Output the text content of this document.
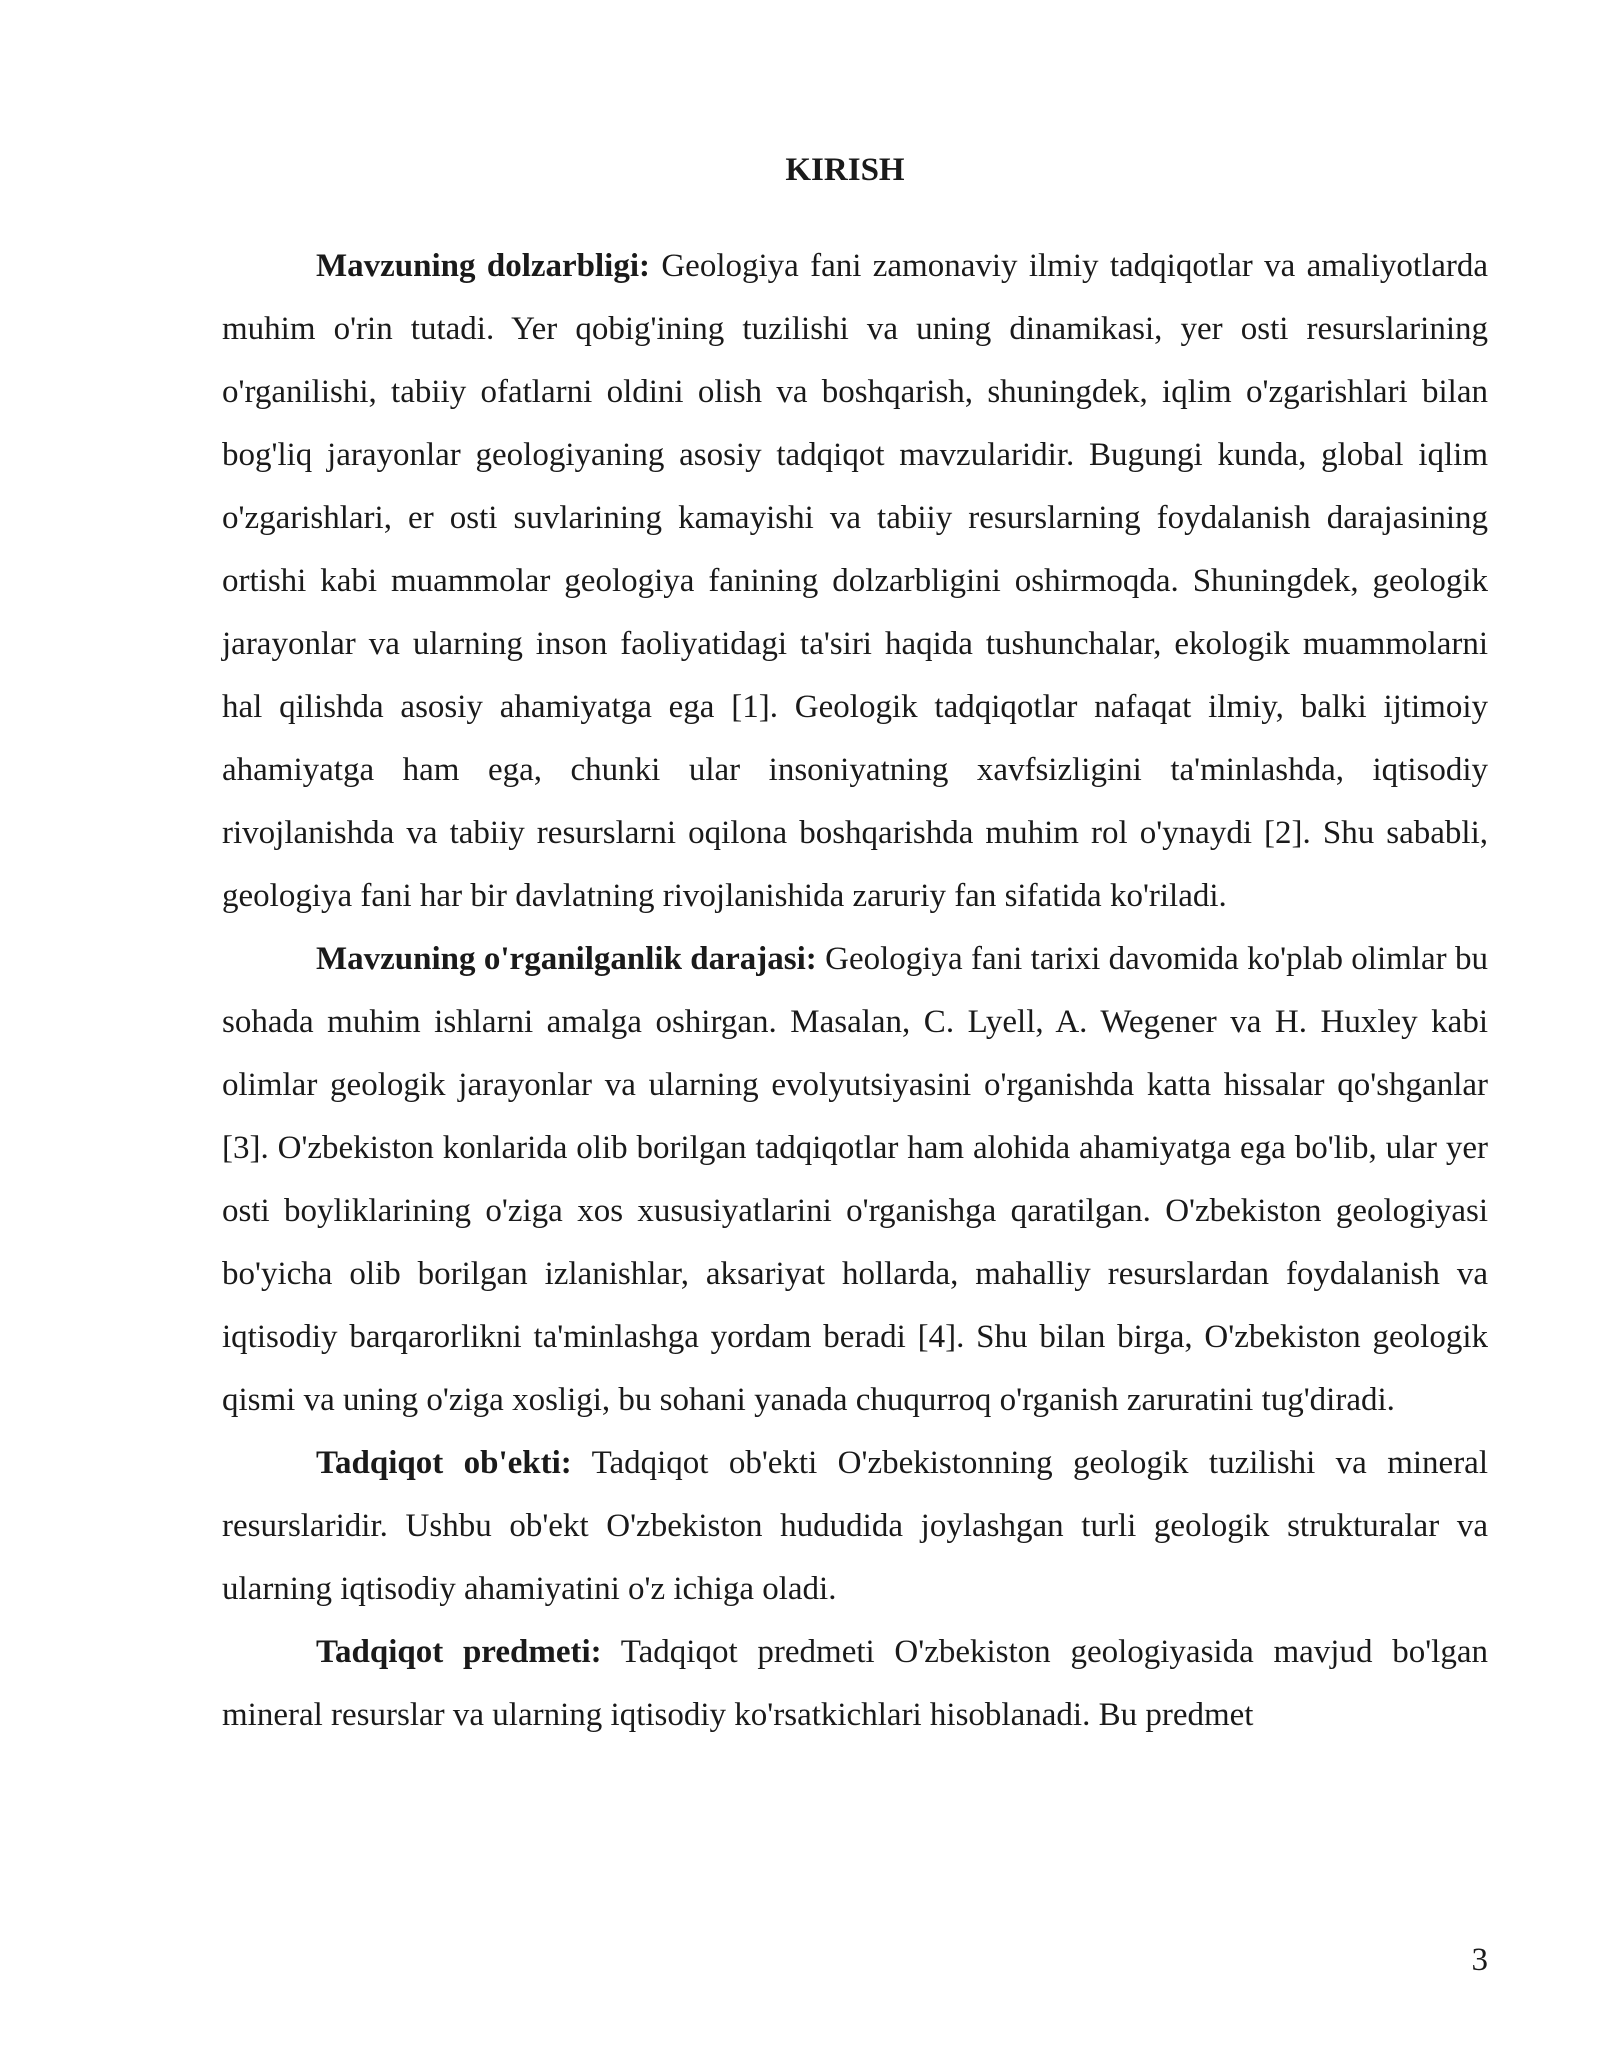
KIRISH

Mavzuning dolzarbligi: Geologiya fani zamonaviy ilmiy tadqiqotlar va amaliyotlarda muhim o'rin tutadi. Yer qobig'ining tuzilishi va uning dinamikasi, yer osti resurslarining o'rganilishi, tabiiy ofatlarni oldini olish va boshqarish, shuningdek, iqlim o'zgarishlari bilan bog'liq jarayonlar geologiyaning asosiy tadqiqot mavzularidir. Bugungi kunda, global iqlim o'zgarishlari, er osti suvlarining kamayishi va tabiiy resurslarning foydalanish darajasining ortishi kabi muammolar geologiya fanining dolzarbligini oshirmoqda. Shuningdek, geologik jarayonlar va ularning inson faoliyatidagi ta'siri haqida tushunchalar, ekologik muammolarni hal qilishda asosiy ahamiyatga ega [1]. Geologik tadqiqotlar nafaqat ilmiy, balki ijtimoiy ahamiyatga ham ega, chunki ular insoniyatning xavfsizligini ta'minlashda, iqtisodiy rivojlanishda va tabiiy resurslarni oqilona boshqarishda muhim rol o'ynaydi [2]. Shu sababli, geologiya fani har bir davlatning rivojlanishida zaruriy fan sifatida ko'riladi.

Mavzuning o'rganilganlik darajasi: Geologiya fani tarixi davomida ko'plab olimlar bu sohada muhim ishlarni amalga oshirgan. Masalan, C. Lyell, A. Wegener va H. Huxley kabi olimlar geologik jarayonlar va ularning evolyutsiyasini o'rganishda katta hissalar qo'shganlar [3]. O'zbekiston konlarida olib borilgan tadqiqotlar ham alohida ahamiyatga ega bo'lib, ular yer osti boyliklarining o'ziga xos xususiyatlarini o'rganishga qaratilgan. O'zbekiston geologiyasi bo'yicha olib borilgan izlanishlar, aksariyat hollarda, mahalliy resurslardan foydalanish va iqtisodiy barqarorlikni ta'minlashga yordam beradi [4]. Shu bilan birga, O'zbekiston geologik qismi va uning o'ziga xosligi, bu sohani yanada chuqurroq o'rganish zaruratini tug'diradi.

Tadqiqot ob'ekti: Tadqiqot ob'ekti O'zbekistonning geologik tuzilishi va mineral resurslaridir. Ushbu ob'ekt O'zbekiston hududida joylashgan turli geologik strukturalar va ularning iqtisodiy ahamiyatini o'z ichiga oladi.

Tadqiqot predmeti: Tadqiqot predmeti O'zbekiston geologiyasida mavjud bo'lgan mineral resurslar va ularning iqtisodiy ko'rsatkichlari hisoblanadi. Bu predmet

3
